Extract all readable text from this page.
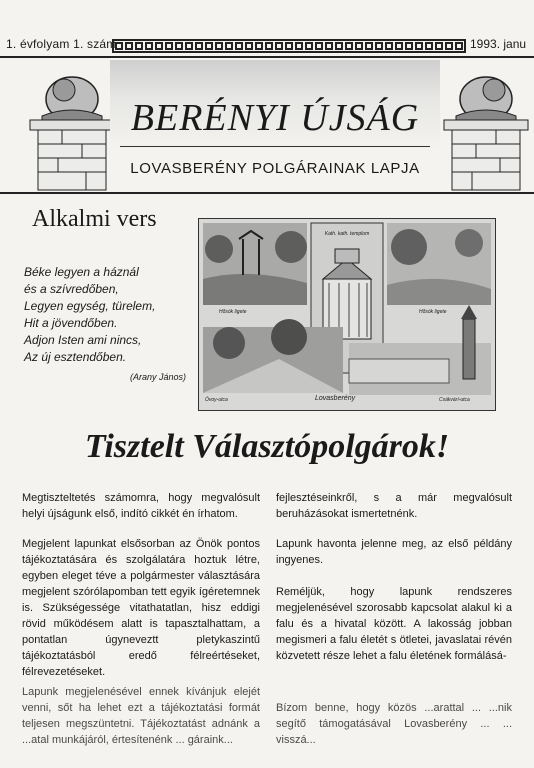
1. évfolyam 1. szám	1993. janu
BERÉNYI ÚJSÁG
LOVASBERÉNY POLGÁRAINAK LAPJA
Alkalmi vers
Béke legyen a háznál
és a szívredőben,
Legyen egység, türelem,
Hit a jövendőben.
Adjon Isten ami nincs,
Az új esztendőben.
(Arany János)
Kath. kath. templom
Hősök ligete	Hősök ligete
Óvoy-utca	Lovasberény	Csákvárí-utca
Tisztelt Választópolgárok!

Megtiszteltetés számomra, hogy megvalósult helyi újságunk első, indító cikkét én írhatom.

Megjelent lapunkat elsősorban az Önök pontos tájékoztatására és szolgálatára hoztuk létre, egyben eleget téve a polgármester választására megjelent szórólapomban tett egyik ígéretemnek is. Szükségessége vitathatatlan, hisz eddigi rövid működésem alatt is tapasztalhattam, a pontatlan úgyneveztt pletykaszintű tájékoztatásból eredő félreértéseket, félrevezetéseket.

Lapunk megjelenésével ennek kívánjuk elejét venni, sőt ha lehet ezt a tájékoztatási formát teljesen megszüntetni. Tájékoztatást adnánk a ...atal munkájáról, értesítenénk ... gáraink...

fejlesztéseinkről, s a már megvalósult beruházásokat ismertetnénk.

Lapunk havonta jelenne meg, az első példány ingyenes.

Reméljük, hogy lapunk rendszeres megjelenésével szorosabb kapcsolat alakul ki a falu és a hivatal között. A lakosság jobban megismeri a falu életét s ötletei, javaslatai révén közvetett része lehet a falu életének formálásá-

Bízom benne, hogy közös ...arattal ... ...nik segítő támogatásával Lovasberény ... ... visszá...
